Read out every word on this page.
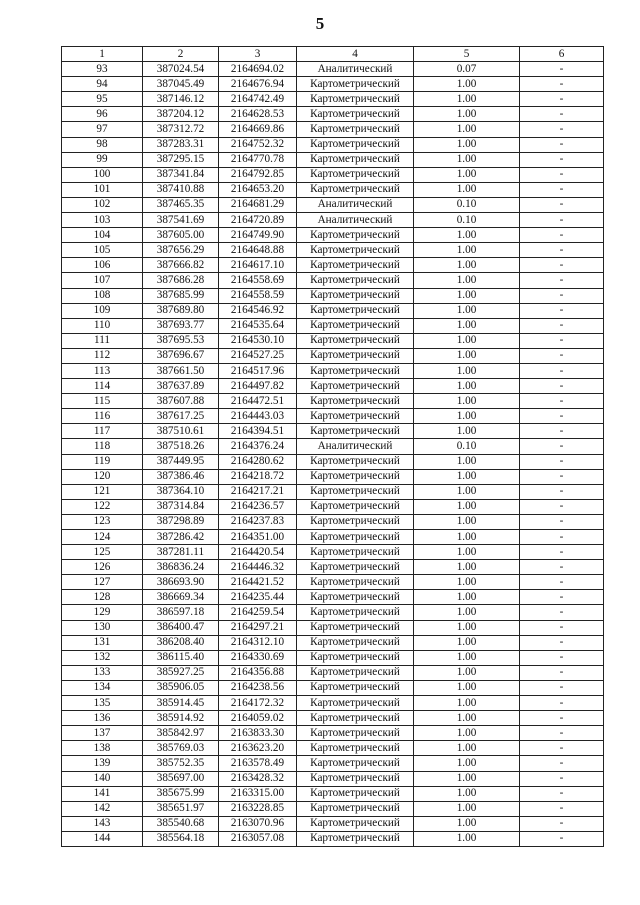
5
1	2	3	4	5	6
93	387024.54	2164694.02	Аналитический	0.07	-
94	387045.49	2164676.94	Картометрический	1.00	-
95	387146.12	2164742.49	Картометрический	1.00	-
96	387204.12	2164628.53	Картометрический	1.00	-
97	387312.72	2164669.86	Картометрический	1.00	-
98	387283.31	2164752.32	Картометрический	1.00	-
99	387295.15	2164770.78	Картометрический	1.00	-
100	387341.84	2164792.85	Картометрический	1.00	-
101	387410.88	2164653.20	Картометрический	1.00	-
102	387465.35	2164681.29	Аналитический	0.10	-
103	387541.69	2164720.89	Аналитический	0.10	-
104	387605.00	2164749.90	Картометрический	1.00	-
105	387656.29	2164648.88	Картометрический	1.00	-
106	387666.82	2164617.10	Картометрический	1.00	-
107	387686.28	2164558.69	Картометрический	1.00	-
108	387685.99	2164558.59	Картометрический	1.00	-
109	387689.80	2164546.92	Картометрический	1.00	-
110	387693.77	2164535.64	Картометрический	1.00	-
111	387695.53	2164530.10	Картометрический	1.00	-
112	387696.67	2164527.25	Картометрический	1.00	-
113	387661.50	2164517.96	Картометрический	1.00	-
114	387637.89	2164497.82	Картометрический	1.00	-
115	387607.88	2164472.51	Картометрический	1.00	-
116	387617.25	2164443.03	Картометрический	1.00	-
117	387510.61	2164394.51	Картометрический	1.00	-
118	387518.26	2164376.24	Аналитический	0.10	-
119	387449.95	2164280.62	Картометрический	1.00	-
120	387386.46	2164218.72	Картометрический	1.00	-
121	387364.10	2164217.21	Картометрический	1.00	-
122	387314.84	2164236.57	Картометрический	1.00	-
123	387298.89	2164237.83	Картометрический	1.00	-
124	387286.42	2164351.00	Картометрический	1.00	-
125	387281.11	2164420.54	Картометрический	1.00	-
126	386836.24	2164446.32	Картометрический	1.00	-
127	386693.90	2164421.52	Картометрический	1.00	-
128	386669.34	2164235.44	Картометрический	1.00	-
129	386597.18	2164259.54	Картометрический	1.00	-
130	386400.47	2164297.21	Картометрический	1.00	-
131	386208.40	2164312.10	Картометрический	1.00	-
132	386115.40	2164330.69	Картометрический	1.00	-
133	385927.25	2164356.88	Картометрический	1.00	-
134	385906.05	2164238.56	Картометрический	1.00	-
135	385914.45	2164172.32	Картометрический	1.00	-
136	385914.92	2164059.02	Картометрический	1.00	-
137	385842.97	2163833.30	Картометрический	1.00	-
138	385769.03	2163623.20	Картометрический	1.00	-
139	385752.35	2163578.49	Картометрический	1.00	-
140	385697.00	2163428.32	Картометрический	1.00	-
141	385675.99	2163315.00	Картометрический	1.00	-
142	385651.97	2163228.85	Картометрический	1.00	-
143	385540.68	2163070.96	Картометрический	1.00	-
144	385564.18	2163057.08	Картометрический	1.00	-
